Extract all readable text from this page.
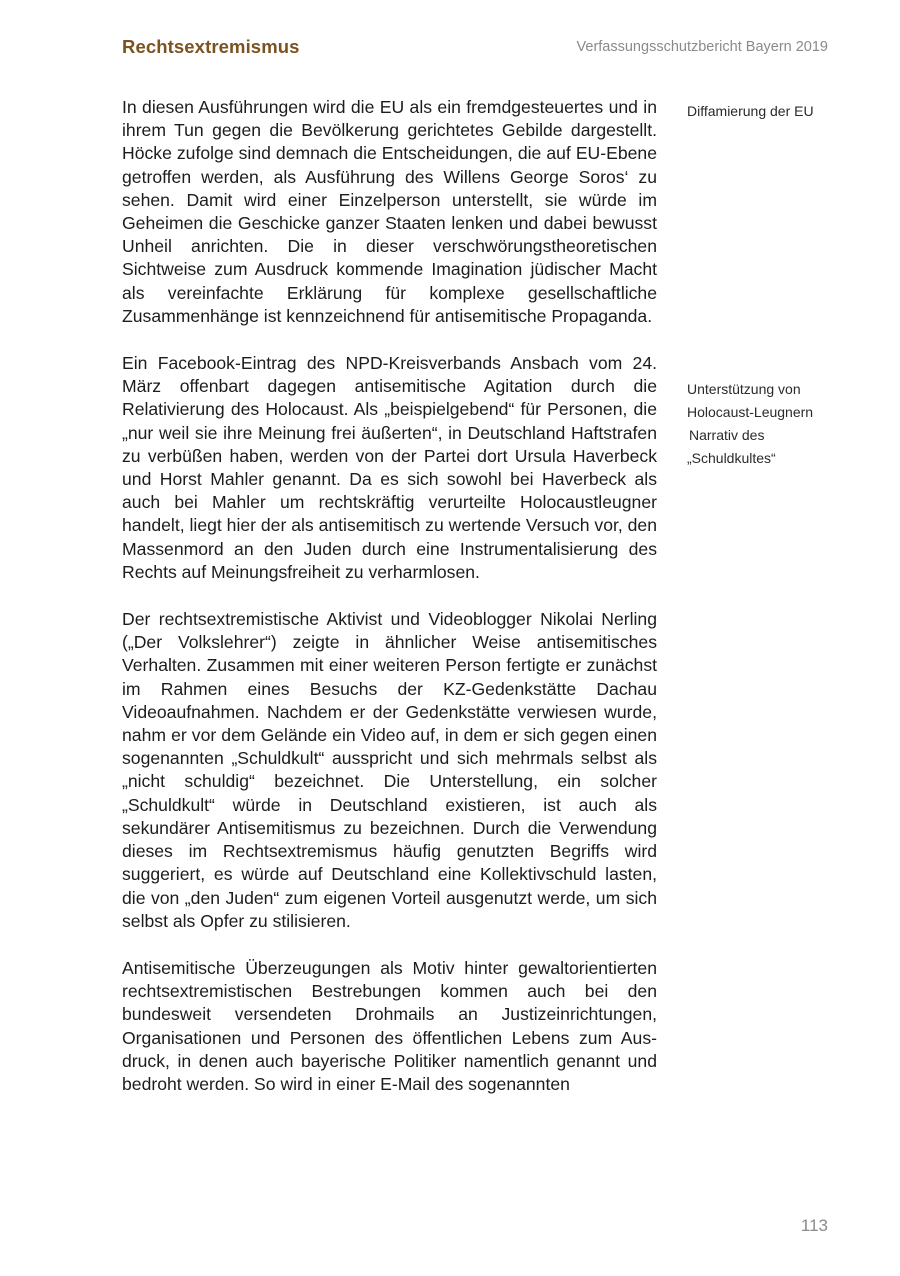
Rechtsextremismus	Verfassungsschutzbericht Bayern 2019

In diesen Ausführungen wird die EU als ein fremdgesteuertes und in ihrem Tun gegen die Bevölkerung gerichtetes Gebilde dargestellt. Höcke zufolge sind demnach die Entscheidungen, die auf EU-Ebene getroffen werden, als Ausführung des Willens George Soros‘ zu sehen. Damit wird einer Einzelperson unterstellt, sie würde im Geheimen die Geschicke ganzer Staaten lenken und dabei bewusst Unheil anrichten. Die in dieser verschwörungstheoretischen Sichtweise zum Ausdruck kommende Imagination jüdischer Macht als vereinfachte Erklärung für komplexe gesellschaftliche Zusammenhänge ist kennzeichnend für antisemitische Propaganda.

Ein Facebook-Eintrag des NPD-Kreisverbands Ansbach vom 24. März offenbart dagegen antisemitische Agitation durch die Relativierung des Holocaust. Als „beispielgebend“ für Personen, die „nur weil sie ihre Meinung frei äußerten“, in Deutschland Haftstrafen zu verbüßen haben, werden von der Partei dort Ursula Haverbeck und Horst Mahler genannt. Da es sich sowohl bei Haverbeck als auch bei Mahler um rechtskräftig verurteilte Holocaustleugner handelt, liegt hier der als antisemitisch zu wertende Versuch vor, den Massenmord an den Juden durch eine Instrumentalisierung des Rechts auf Meinungsfreiheit zu verharmlosen.

Der rechtsextremistische Aktivist und Videoblogger Nikolai Nerling („Der Volkslehrer“) zeigte in ähnlicher Weise antisemitisches Verhalten. Zusammen mit einer weiteren Person fertigte er zunächst im Rahmen eines Besuchs der KZ-Gedenkstätte Dachau Videoaufnahmen. Nachdem er der Gedenkstätte verwiesen wurde, nahm er vor dem Gelände ein Video auf, in dem er sich gegen einen sogenannten „Schuldkult“ ausspricht und sich mehrmals selbst als „nicht schuldig“ bezeichnet. Die Unterstellung, ein solcher „Schuldkult“ würde in Deutschland existieren, ist auch als sekundärer Antisemitismus zu bezeichnen. Durch die Verwendung dieses im Rechtsextremismus häufig genutzten Begriffs wird suggeriert, es würde auf Deutschland eine Kollektivschuld lasten, die von „den Juden“ zum eigenen Vorteil ausgenutzt werde, um sich selbst als Opfer zu stilisieren.

Antisemitische Überzeugungen als Motiv hinter gewaltorientierten rechtsextremistischen Bestrebungen kommen auch bei den bundesweit versendeten Drohmails an Justizeinrichtungen, Organisationen und Personen des öffentlichen Lebens zum Ausdruck, in denen auch bayerische Politiker namentlich genannt und bedroht werden. So wird in einer E-Mail des sogenannten

Diffamierung der EU
Unterstützung von
Holocaust-Leugnern
Narrativ des
„Schuldkultes“
113
